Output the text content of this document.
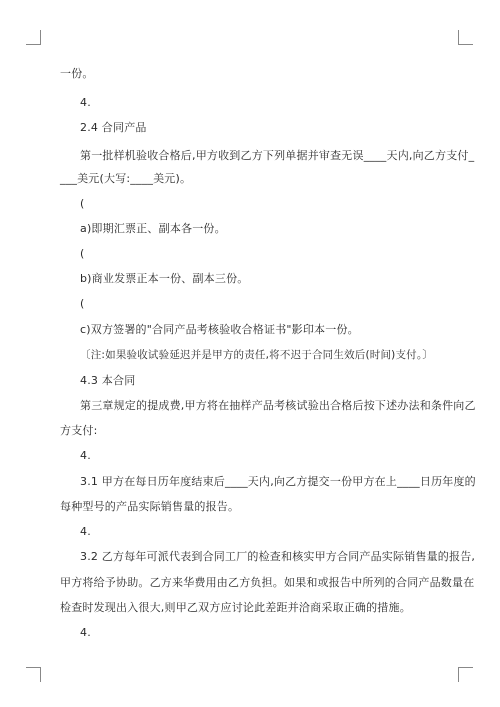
一份。
4.
2.4 合同产品
第一批样机验收合格后,甲方收到乙方下列单据并审查无误____天内,向乙方支付_
___美元(大写:____美元)。
(
a)即期汇票正、副本各一份。
(
b)商业发票正本一份、副本三份。
(
c)双方签署的"合同产品考核验收合格证书"影印本一份。
〔注:如果验收试验延迟并是甲方的责任,将不迟于合同生效后(时间)支付。〕
4.3 本合同
第三章规定的提成费,甲方将在抽样产品考核试验出合格后按下述办法和条件向乙
方支付:
4.
3.1 甲方在每日历年度结束后____天内,向乙方提交一份甲方在上____日历年度的
每种型号的产品实际销售量的报告。
4.
3.2 乙方每年可派代表到合同工厂的检查和核实甲方合同产品实际销售量的报告,
甲方将给予协助。乙方来华费用由乙方负担。如果和或报告中所列的合同产品数量在
检查时发现出入很大,则甲乙双方应讨论此差距并洽商采取正确的措施。
4.
